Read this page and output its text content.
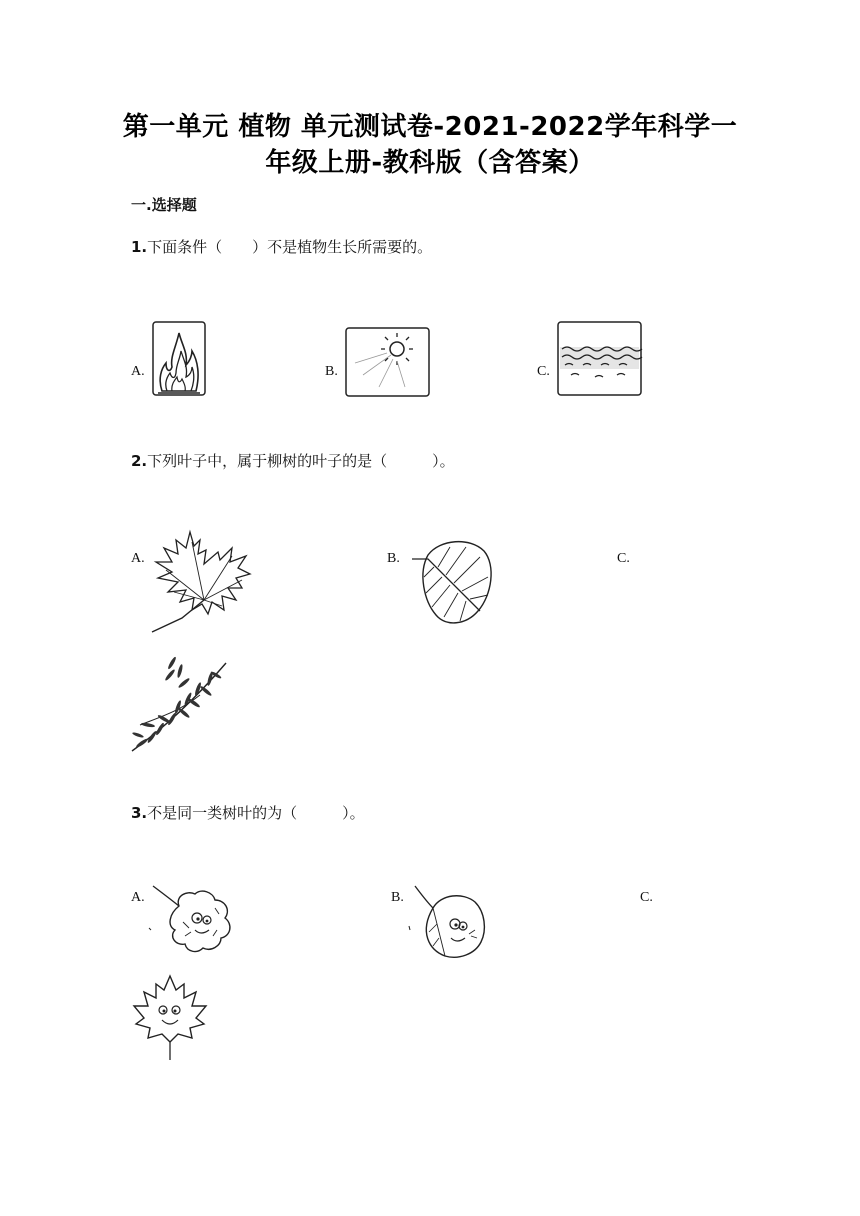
第一单元 植物 单元测试卷-2021-2022学年科学一
年级上册-教科版（含答案）
一.选择题
1.下面条件（　　）不是植物生长所需要的。
A.	B.	C.
2.下列叶子中，属于柳树的叶子的是（　　　）。
A.	B.	C.
3.不是同一类树叶的为（　　　）。
A.	B.	C.
